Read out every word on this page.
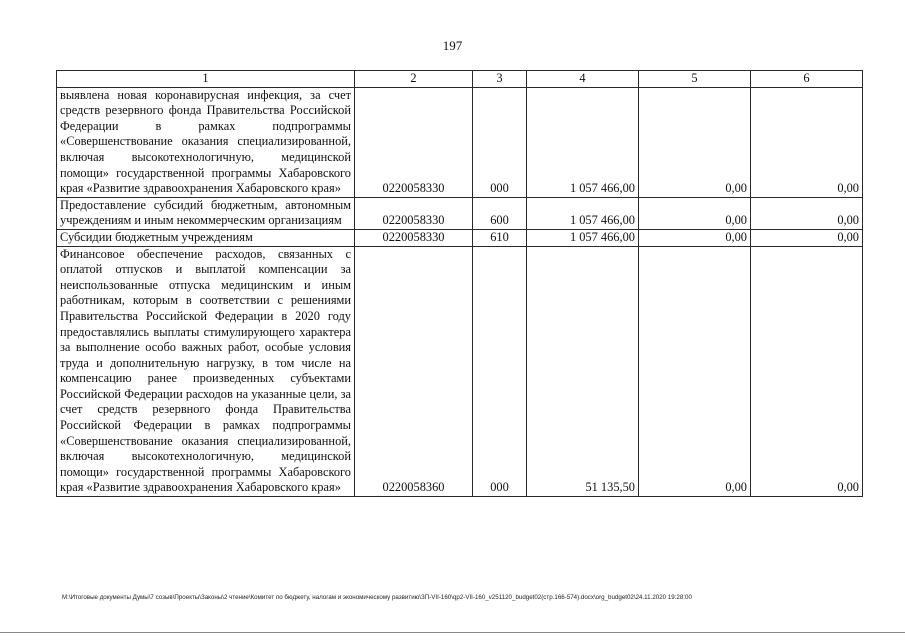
197
1	2	3	4	5	6
выявлена новая коронавирусная инфекция, за счет средств резервного фонда Правительства Российской Федерации в рамках подпрограммы «Совершенствование оказания специализированной, включая высокотехнологичную, медицинской помощи» государственной программы Хабаровского края «Развитие здравоохранения Хабаровского края»	0220058330	000	1 057 466,00	0,00	0,00
Предоставление субсидий бюджетным, автономным учреждениям и иным некоммерческим организациям	0220058330	600	1 057 466,00	0,00	0,00
Субсидии бюджетным учреждениям	0220058330	610	1 057 466,00	0,00	0,00
Финансовое обеспечение расходов, связанных с оплатой отпусков и выплатой компенсации за неиспользованные отпуска медицинским и иным работникам, которым в соответствии с решениями Правительства Российской Федерации в 2020 году предоставлялись выплаты стимулирующего характера за выполнение особо важных работ, особые условия труда и дополнительную нагрузку, в том числе на компенсацию ранее произведенных субъектами Российской Федерации расходов на указанные цели, за счет средств резервного фонда Правительства Российской Федерации в рамках подпрограммы «Совершенствование оказания специализированной, включая высокотехнологичную, медицинской помощи» государственной программы Хабаровского края «Развитие здравоохранения Хабаровского края»	0220058360	000	51 135,50	0,00	0,00
M:\Итоговые документы Думы\7 созыв\Проекты\Законы\2 чтение\Комитет по бюджету, налогам и экономическому развитию\ЗП-VII-160\qp2-VII-160_v251120_budget02(стр.166-574).docx\org_budget02\24.11.2020 19:28:00
